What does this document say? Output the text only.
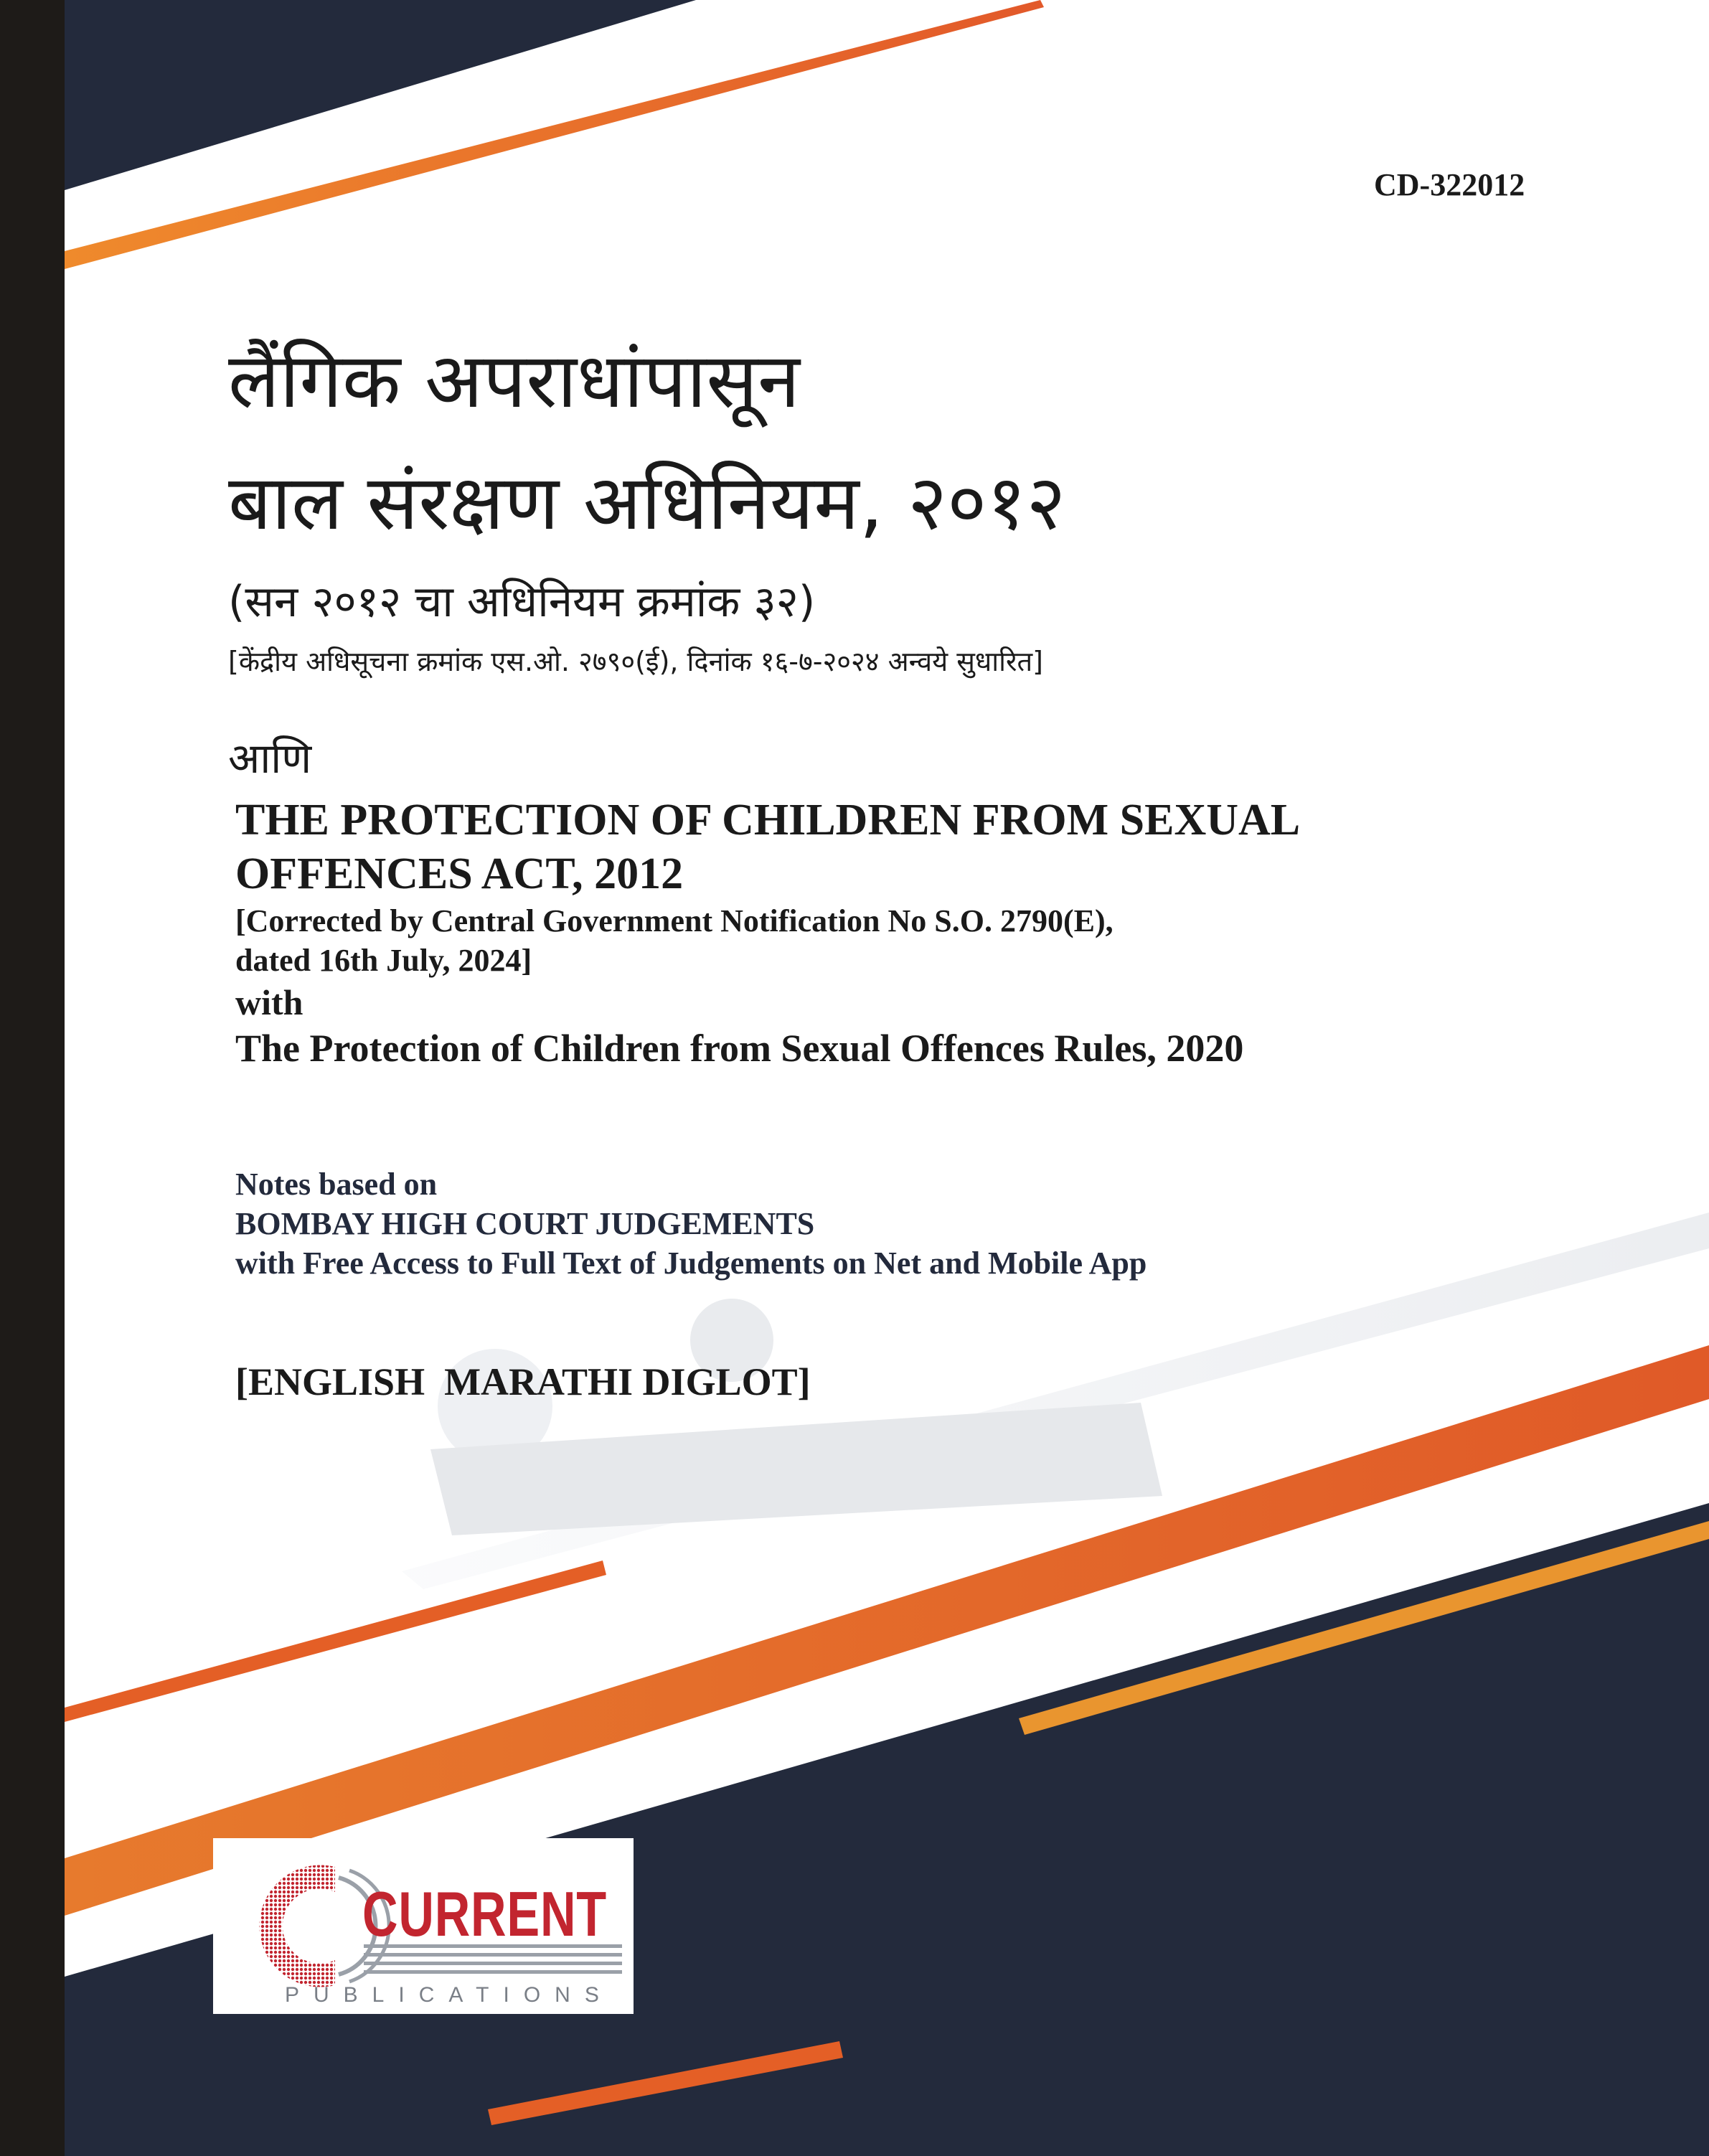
CD-322012

लैंगिक अपराधांपासून

बाल संरक्षण अधिनियम, २०१२

(सन २०१२ चा अधिनियम क्रमांक ३२)

[केंद्रीय अधिसूचना क्रमांक एस.ओ. २७९०(ई), दिनांक १६-७-२०२४ अन्वये सुधारित]

आणि

THE PROTECTION OF CHILDREN FROM SEXUAL

OFFENCES ACT, 2012

[Corrected by Central Government Notification No S.O. 2790(E),

dated 16th July, 2024]

with

The Protection of Children from Sexual Offences Rules, 2020

Notes based on

BOMBAY HIGH COURT JUDGEMENTS

with Free Access to Full Text of Judgements on Net and Mobile App

[ENGLISH  MARATHI DIGLOT]

CURRENT
PUBLICATIONS
